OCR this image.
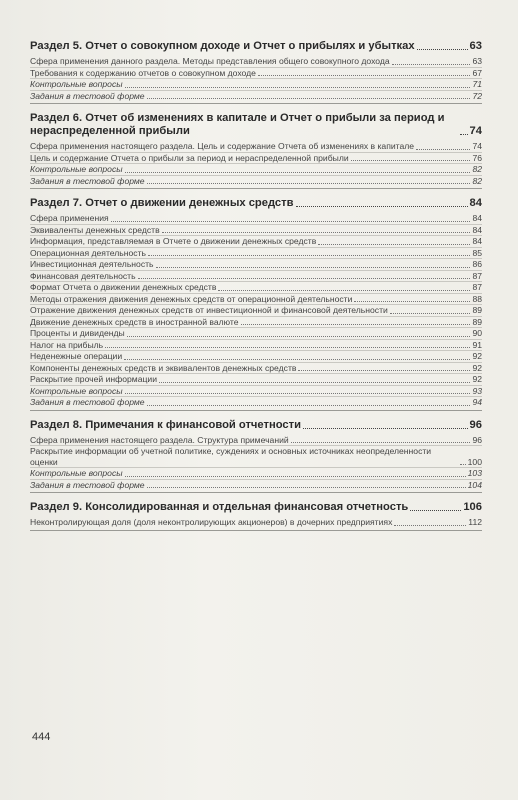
Раздел 5. Отчет о совокупном доходе и Отчет о прибылях и убытках	63
Сфера применения данного раздела. Методы представления общего совокупного дохода	63
Требования к содержанию отчетов о совокупном доходе	67
Контрольные вопросы	71
Задания в тестовой форме	72
Раздел 6. Отчет об изменениях в капитале и Отчет о прибыли за период и нераспределенной прибыли	74
Сфера применения настоящего раздела. Цель и содержание Отчета об изменениях в капитале	74
Цель и содержание Отчета о прибыли за период и нераспределенной прибыли	76
Контрольные вопросы	82
Задания в тестовой форме	82
Раздел 7. Отчет о движении денежных средств	84
Сфера применения	84
Эквиваленты денежных средств	84
Информация, представляемая в Отчете о движении денежных средств	84
Операционная деятельность	85
Инвестиционная деятельность	86
Финансовая деятельность	87
Формат Отчета о движении денежных средств	87
Методы отражения движения денежных средств от операционной деятельности	88
Отражение движения денежных средств от инвестиционной и финансовой деятельности	89
Движение денежных средств в иностранной валюте	89
Проценты и дивиденды	90
Налог на прибыль	91
Неденежные операции	92
Компоненты денежных средств и эквивалентов денежных средств	92
Раскрытие прочей информации	92
Контрольные вопросы	93
Задания в тестовой форме	94
Раздел 8. Примечания к финансовой отчетности	96
Сфера применения настоящего раздела. Структура примечаний	96
Раскрытие информации об учетной политике, суждениях и основных источниках неопределенности оценки	100
Контрольные вопросы	103
Задания в тестовой форме	104
Раздел 9. Консолидированная и отдельная финансовая отчетность	106
Неконтролирующая доля (доля неконтролирующих акционеров) в дочерних предприятиях	112
444
